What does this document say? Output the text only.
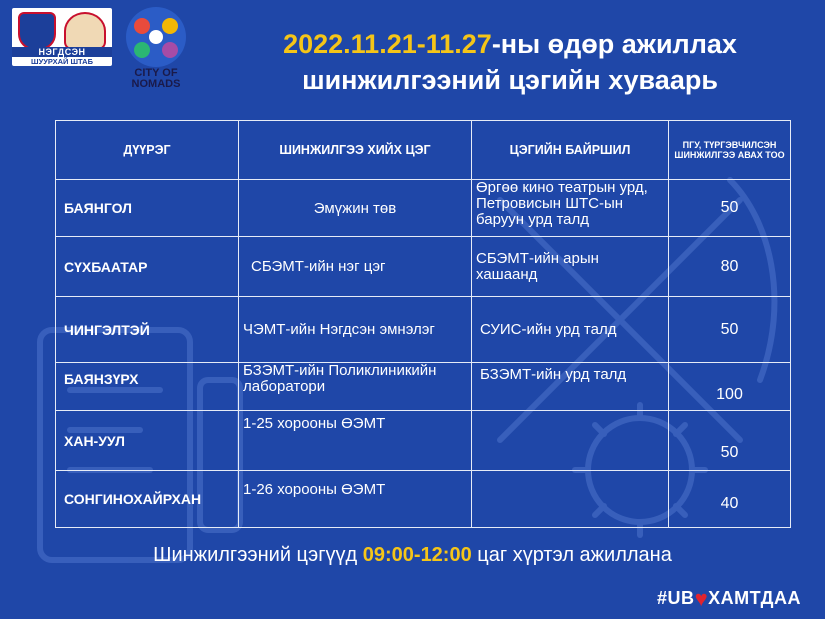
НЭГДСЭН
ШУУРХАЙ ШТАБ
CITY OF
NOMADS
2022.11.21-11.27-ны өдөр ажиллах
шинжилгээний цэгийн хуваарь
ДҮҮРЭГ	ШИНЖИЛГЭЭ ХИЙХ ЦЭГ	ЦЭГИЙН БАЙРШИЛ	ПГУ, ТҮРГЭВЧИЛСЭН ШИНЖИЛГЭЭ АВАХ ТОО
БАЯНГОЛ	Эмүжин төв	Өргөө кино театрын урд, Петровисын ШТС-ын баруун урд талд	50
СҮХБААТАР	СБЭМТ-ийн нэг цэг	СБЭМТ-ийн арын хашаанд	80
ЧИНГЭЛТЭЙ	ЧЭМТ-ийн Нэгдсэн эмнэлэг	СУИС-ийн урд талд	50
БАЯНЗҮРХ	БЗЭМТ-ийн Поликлиникийн лаборатори	БЗЭМТ-ийн урд талд	100
ХАН-УУЛ	1-25 хорооны ӨЭМТ		50
СОНГИНОХАЙРХАН	1-26 хорооны ӨЭМТ		40
Шинжилгээний цэгүүд 09:00-12:00 цаг хүртэл ажиллана
#UB♥ХАМТДАА
